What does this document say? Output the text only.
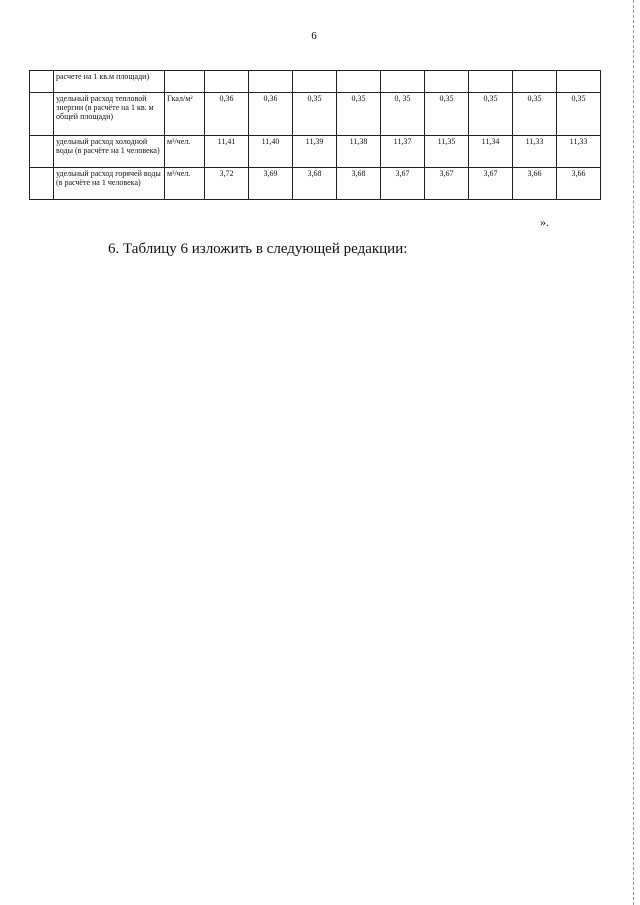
6
	расчете на 1 кв.м площади)										
	удельный расход тепловой энергии (в расчёте на 1 кв. м общей площади)	Гкал/м²	0,36	0,36	0,35	0,35	0, 35	0,35	0,35	0,35	0,35
	удельный расход холодной воды (в расчёте на 1 человека)	м³/чел.	11,41	11,40	11,39	11,38	11,37	11,35	11,34	11,33	11,33
	удельный расход горячей воды (в расчёте на 1 человека)	м³/чел.	3,72	3,69	3,68	3,68	3,67	3,67	3,67	3,66	3,66
».
6. Таблицу 6 изложить в следующей редакции:
